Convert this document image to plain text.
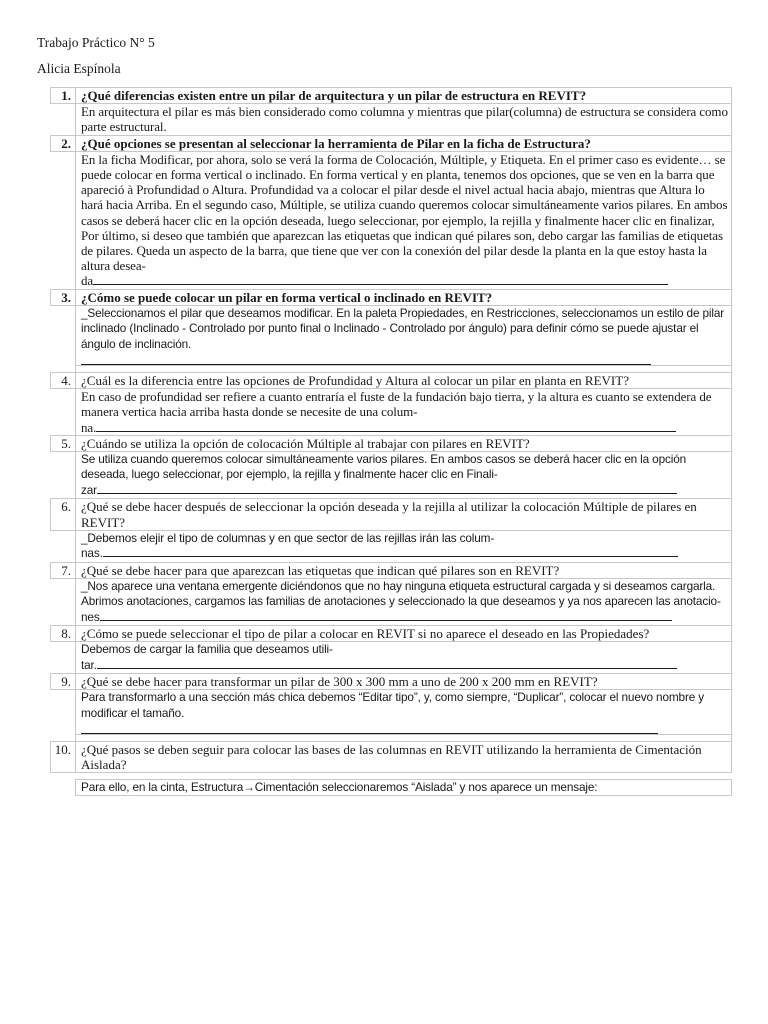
Trabajo Práctico N° 5
Alicia Espínola
1.	¿Qué diferencias existen entre un pilar de arquitectura y un pilar de estructura en REVIT?
	En arquitectura el pilar es más bien considerado como columna y mientras que pilar(columna) de estructura se considera como parte estructural.
2.	¿Qué opciones se presentan al seleccionar la herramienta de Pilar en la ficha de Estructura?
	En la ficha Modificar, por ahora, solo se verá la forma de Colocación, Múltiple, y Etiqueta. En el primer caso es evidente… se puede colocar en forma vertical o inclinado. En forma vertical y en planta, tenemos dos opciones, que se ven en la barra que apareció à Profundidad o Altura. Profundidad va a colocar el pilar desde el nivel actual hacia abajo, mientras que Altura lo hará hacia Arriba. En el segundo caso, Múltiple, se utiliza cuando queremos colocar simultáneamente varios pilares. En ambos casos se deberá hacer clic en la opción deseada, luego seleccionar, por ejemplo, la rejilla y finalmente hacer clic en finalizar, Por último, si deseo que también que aparezcan las etiquetas que indican qué pilares son, debo cargar las familias de etiquetas de pilares. Queda un aspecto de la barra, que tiene que ver con la conexión del pilar desde la planta en la que estoy hasta la altura desea-
da
3.	¿Cómo se puede colocar un pilar en forma vertical o inclinado en REVIT?
	_Seleccionamos el pilar que deseamos modificar. En la paleta Propiedades, en Restricciones, seleccionamos un estilo de pilar inclinado (Inclinado - Controlado por punto final o Inclinado - Controlado por ángulo) para definir cómo se puede ajustar el ángulo de inclinación.

4.	¿Cuál es la diferencia entre las opciones de Profundidad y Altura al colocar un pilar en planta en REVIT?
	En caso de profundidad ser refiere a cuanto entraría el fuste de la fundación bajo tierra, y la altura es cuanto se extendera de manera vertica hacia arriba hasta donde se necesite de una colum-
na.
5.	¿Cuándo se utiliza la opción de colocación Múltiple al trabajar con pilares en REVIT?
	Se utiliza cuando queremos colocar simultáneamente varios pilares. En ambos casos se deberá hacer clic en la opción deseada, luego seleccionar, por ejemplo, la rejilla y finalmente hacer clic en Finali-
zar
6.	¿Qué se debe hacer después de seleccionar la opción deseada y la rejilla al utilizar la colocación Múltiple de pilares en REVIT?
	_Debemos elejir el tipo de columnas y en que sector de las rejillas irán las colum-
nas.
7.	¿Qué se debe hacer para que aparezcan las etiquetas que indican qué pilares son en REVIT?
	_Nos aparece una ventana emergente diciéndonos que no hay ninguna etiqueta estructural cargada y si deseamos cargarla. Abrimos anotaciones, cargamos las familias de anotaciones y seleccionado la que deseamos y ya nos aparecen las anotacio-
nes
8.	¿Cómo se puede seleccionar el tipo de pilar a colocar en REVIT si no aparece el deseado en las Propiedades?
	Debemos de cargar la familia que deseamos utili-
tar.
9.	¿Qué se debe hacer para transformar un pilar de 300 x 300 mm a uno de 200 x 200 mm en REVIT?
	Para transformarlo a una sección más chica debemos “Editar tipo”, y, como siempre, “Duplicar”, colocar el nuevo nombre y modificar el tamaño.

10.	¿Qué pasos se deben seguir para colocar las bases de las columnas en REVIT utilizando la herramienta de Cimentación Aislada?

	Para ello, en la cinta, Estructura→Cimentación seleccionaremos “Aislada” y nos aparece un mensaje:
